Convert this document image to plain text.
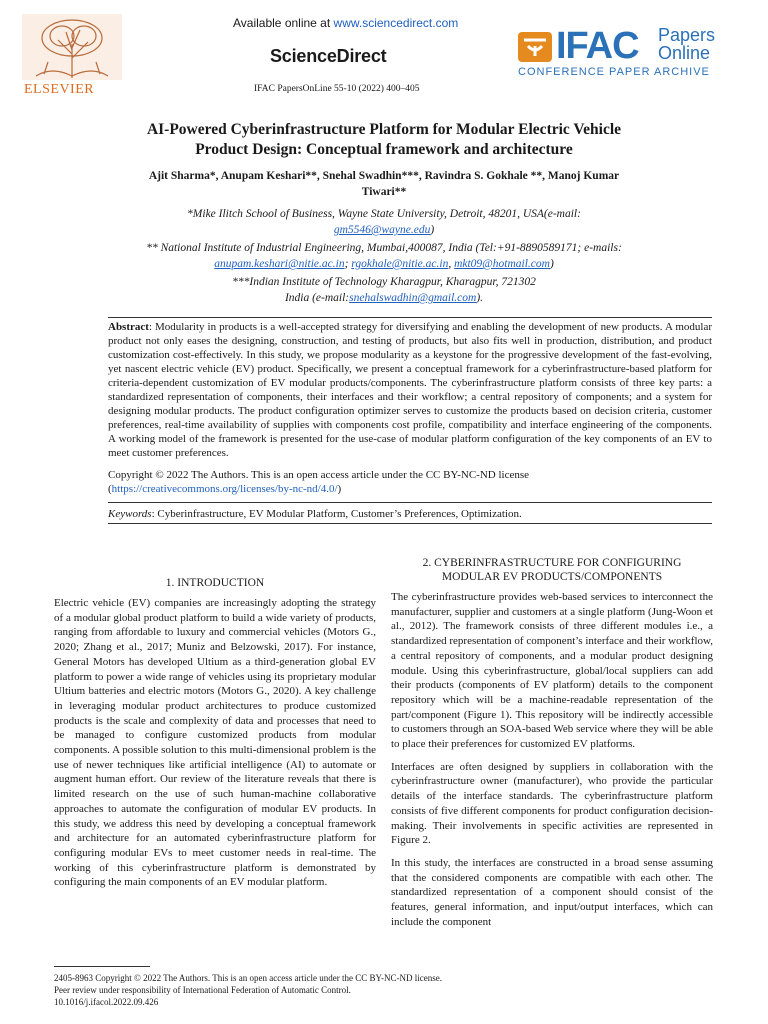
ELSEVIER
Available online at www.sciencedirect.com
ScienceDirect
IFAC PapersOnLine 55-10 (2022) 400–405
IFAC Papers
Online
CONFERENCE PAPER ARCHIVE
AI-Powered Cyberinfrastructure Platform for Modular Electric Vehicle
Product Design: Conceptual framework and architecture
Ajit Sharma*, Anupam Keshari**, Snehal Swadhin***, Ravindra S. Gokhale **, Manoj Kumar
Tiwari**
*Mike Ilitch School of Business, Wayne State University, Detroit, 48201, USA(e-mail:
gm5546@wayne.edu)
** National Institute of Industrial Engineering, Mumbai,400087, India (Tel:+91-8890589171; e-mails:
anupam.keshari@nitie.ac.in; rgokhale@nitie.ac.in, mkt09@hotmail.com)
***Indian Institute of Technology Kharagpur, Kharagpur, 721302
India (e-mail:snehalswadhin@gmail.com).

Abstract: Modularity in products is a well-accepted strategy for diversifying and enabling the development of new products. A modular product not only eases the designing, construction, and testing of products, but also fits well in production, distribution, and product customization cost-effectively. In this study, we propose modularity as a keystone for the progressive development of the fast-evolving, yet nascent electric vehicle (EV) product. Specifically, we present a conceptual framework for a cyberinfrastructure-based platform for criteria-dependent customization of EV modular products/components. The cyberinfrastructure platform consists of three key parts: a standardized representation of components, their interfaces and their workflow; a central repository of components; and a system for designing modular products. The product configuration optimizer serves to customize the products based on decision criteria, customer preferences, real-time availability of supplies with components cost profile, compatibility and interface engineering of the components. A working model of the framework is presented for the use-case of modular platform configuration of the key components of an EV to meet customer preferences.

Copyright © 2022 The Authors. This is an open access article under the CC BY-NC-ND license
(https://creativecommons.org/licenses/by-nc-nd/4.0/)

Keywords: Cyberinfrastructure, EV Modular Platform, Customer’s Preferences, Optimization.

1. INTRODUCTION

Electric vehicle (EV) companies are increasingly adopting the strategy of a modular global product platform to build a wide variety of products, ranging from affordable to luxury and commercial vehicles (Motors G., 2020; Zhang et al., 2017; Muniz and Belzowski, 2017). For instance, General Motors has developed Ultium as a third-generation global EV platform to power a wide range of vehicles using its proprietary modular Ultium batteries and electric motors (Motors G., 2020). A key challenge in leveraging modular product architectures to produce customized products is the scale and complexity of data and processes that need to be managed to configure customized products from modular components. A possible solution to this multi-dimensional problem is the use of newer techniques like artificial intelligence (AI) to automate or augment human effort. Our review of the literature reveals that there is limited research on the use of such human-machine collaborative approaches to automate the configuration of modular EV products. In this study, we address this need by developing a conceptual framework and architecture for an automated cyberinfrastructure platform for configuring modular EVs to meet customer needs in real-time. The working of this cyberinfrastructure platform is demonstrated by configuring the main components of an EV modular platform.

2. CYBERINFRASTRUCTURE FOR CONFIGURING
MODULAR EV PRODUCTS/COMPONENTS

The cyberinfrastructure provides web-based services to interconnect the manufacturer, supplier and customers at a single platform (Jung-Woon et al., 2012). The framework consists of three different modules i.e., a standardized representation of component’s interface and their workflow, a central repository of components, and a modular product designing module. Using this cyberinfrastructure, global/local suppliers can add their products (components of EV platform) details to the component repository which will be a machine-readable representation of the part/component (Figure 1). This repository will be indirectly accessible to customers through an SOA-based Web service where they will be able to place their preferences for customized EV platforms.

Interfaces are often designed by suppliers in collaboration with the cyberinfrastructure owner (manufacturer), who provide the particular details of the interface standards. The cyberinfrastructure platform consists of five different components for product configuration decision-making. Their involvements in specific activities are represented in Figure 2.

In this study, the interfaces are constructed in a broad sense assuming that the considered components are compatible with each other. The standardized representation of a component should consist of the features, general information, and input/output interfaces, which can include the component

2405-8963 Copyright © 2022 The Authors. This is an open access article under the CC BY-NC-ND license.
Peer review under responsibility of International Federation of Automatic Control.
10.1016/j.ifacol.2022.09.426
